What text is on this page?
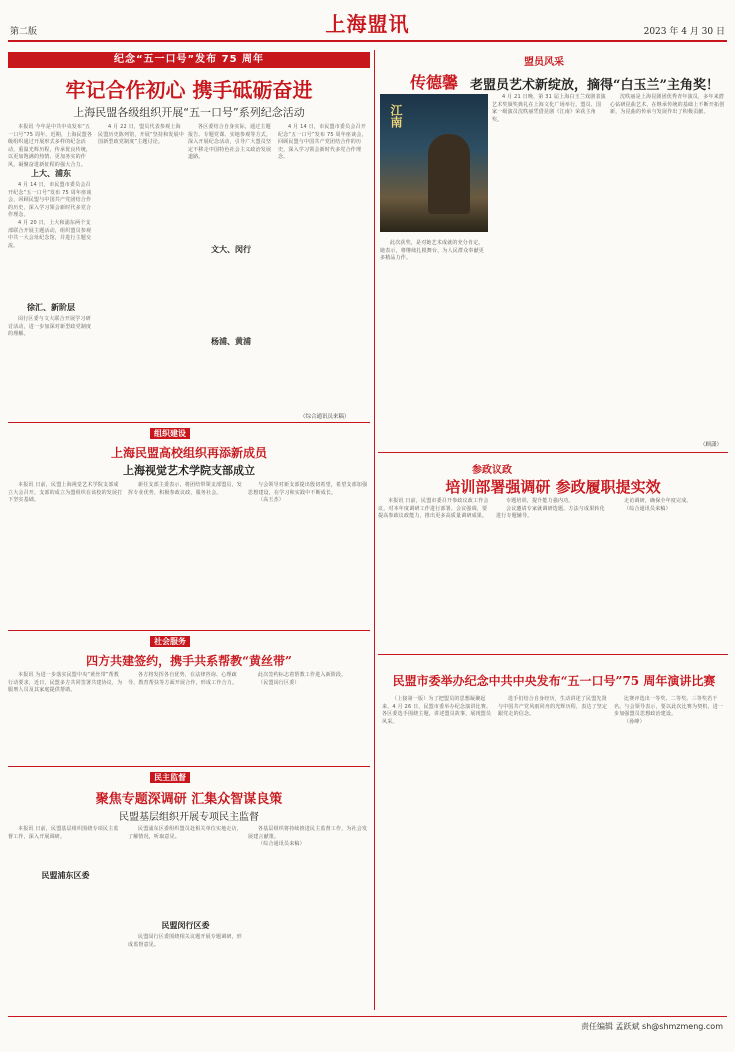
第二版	上海盟讯	2023 年 4 月 30 日
纪念“五一口号”发布 75 周年
牢记合作初心 携手砥砺奋进
上海民盟各级组织开展“五一口号”系列纪念活动

本报讯 今年是中共中央发布“五一口号”75 周年。近期，上海民盟各级组织通过开展形式多样的纪念活动，重温光辉历程，传承优良传统，以更加饱满的热情、更加务实的作风，凝聚奋进新征程的强大合力。

上大、浦东

4 月 14 日，市民盟市委员会召开纪念“五一口号”发布 75 周年座谈会，回顾民盟与中国共产党团结合作的历史，深入学习领会新时代多党合作理念。

4 月 20 日，上大和浦东两个支部联合开展主题活动，组织盟员参观中共一大会址纪念馆，并进行主题交流。

徐汇、新阶层

闵行区委与文大联合开展学习研讨活动，进一步加深对新型政党制度的理解。

4 月 22 日，盟员代表参观上海民盟历史陈列馆，开展“坚持和发展中国新型政党制度”主题讨论。

文大、闵行

各区委结合自身实际，通过主题报告、专题党课、实地参观等方式，深入开展纪念活动，引导广大盟员坚定不移走中国特色社会主义政治发展道路。

杨浦、黄浦

4 月 14 日，市民盟市委员会召开纪念“五一口号”发布 75 周年座谈会，回顾民盟与中国共产党团结合作的历史，深入学习领会新时代多党合作理念。

（综合通讯员来稿）
组织建设
上海民盟高校组织再添新成员
上海视觉艺术学院支部成立

本报讯 日前，民盟上海视觉艺术学院支部成立大会召开。支部的成立为盟组织在该校的发展打下坚实基础。

新任支部主委表示，将团结带领支部盟员，发挥专业优势，积极参政议政，服务社会。

与会领导对新支部提出殷切希望，希望支部加强思想建设，在学习和实践中不断成长。

（高玉杰）

社会服务
四方共建签约，携手共系帮教“黄丝带”

本报讯 为进一步落实民盟中央“黄丝带”帮教行动要求，近日，民盟多方共同签署共建协议，为服刑人员及其家庭提供帮助。

各方将发挥各自优势，在法律咨询、心理疏导、教育帮扶等方面开展合作，形成工作合力。

此次签约标志着帮教工作进入新阶段。

（民盟闵行区委）

民主监督
聚焦专题深调研 汇集众智谋良策
民盟基层组织开展专项民主监督

本报讯 日前，民盟基层组织围绕专项民主监督工作，深入开展调研。

民盟浦东区委

民盟浦东区委组织盟员赴相关单位实地走访，了解情况，听取意见。

民盟闵行区委

民盟闵行区委围绕相关议题开展专题调研，形成监督意见。

各基层组织将持续推进民主监督工作，为社会发展建言献策。

（综合通讯员来稿）

盟员风采
传德馨 老盟员艺术新绽放，摘得“白玉兰”主角奖！
江南

4 月 21 日晚，第 31 届上海白玉兰戏剧表演艺术奖颁奖典礼在上海文化广场举行。盟员、国家一级演员沈昳丽凭借昆剧《江南》荣获主角奖。

沈昳丽是上海昆剧团优秀青年演员，多年来潜心钻研昆曲艺术，在继承传统的基础上不断开拓创新，为昆曲的传承与发展作出了积极贡献。

此次获奖，是对她艺术成就的充分肯定。她表示，将继续扎根舞台，为人民群众奉献更多精品力作。

（顾潇）
参政议政
培训部署强调研 参政履职提实效

本报讯 日前，民盟市委召开参政议政工作会议，对本年度调研工作进行部署。会议强调，要提高参政议政能力，推出更多高质量调研成果。

专题培训，提升能力强内功。

会议邀请专家就调研选题、方法与成果转化进行专题辅导。

走访调研，确保全年度完成。

（综合通讯员来稿）

民盟市委举办纪念中共中央发布“五一口号”75 周年演讲比赛

（上接第一版）为了把盟员的思想凝聚起来，4 月 26 日，民盟市委举办纪念演讲比赛。各区委选手围绕主题，讲述盟员故事，展现盟员风采。

选手们结合自身经历，生动讲述了民盟先贤与中国共产党风雨同舟的光辉历程，表达了坚定跟党走的信念。

比赛评选出一等奖、二等奖、三等奖若干名。与会领导表示，要以此次比赛为契机，进一步加强盟员思想政治建设。

（孙峰）

责任编辑 孟跃斌 sh@shmzmeng.com
